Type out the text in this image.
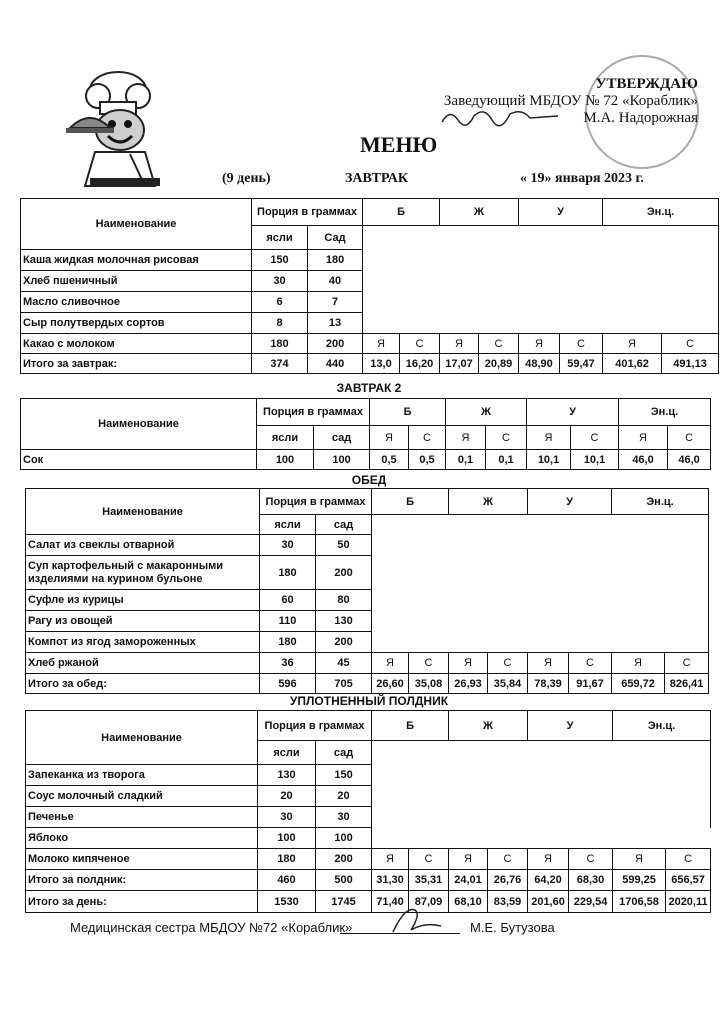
УТВЕРЖДАЮ
Заведующий МБДОУ № 72 «Кораблик»
М.А. Надорожная
МЕНЮ
(9 день)	ЗАВТРАК	« 19» января 2023 г.
Наименование	Порция в граммах		Б		Ж		У		Эн.ц.	
	ясли	Сад								
Каша жидкая молочная рисовая	150	180								
Хлеб пшеничный	30	40								
Масло сливочное	6	7								
Сыр полутвердых сортов	8	13								
Какао с молоком	180	200	Я	С	Я	С	Я	С	Я	С
Итого за завтрак:	374	440	13,0	16,20	17,07	20,89	48,90	59,47	401,62	491,13
ЗАВТРАК 2
Наименование	Порция в граммах		Б		Ж		У		Эн.ц.	
	ясли	сад	Я	С	Я	С	Я	С	Я	С
Сок	100	100	0,5	0,5	0,1	0,1	10,1	10,1	46,0	46,0
ОБЕД
Наименование	Порция в граммах		Б		Ж		У		Эн.ц.	
	ясли	сад								
Салат из свеклы отварной	30	50								
Суп картофельный с макаронными изделиями на курином бульоне	180	200								
Суфле из курицы	60	80								
Рагу из овощей	110	130								
Компот из ягод замороженных	180	200								
Хлеб ржаной	36	45	Я	С	Я	С	Я	С	Я	С
Итого за обед:	596	705	26,60	35,08	26,93	35,84	78,39	91,67	659,72	826,41
УПЛОТНЕННЫЙ ПОЛДНИК
Наименование	Порция в граммах		Б		Ж		У		Эн.ц.	
	ясли	сад								
Запеканка из творога	130	150								
Соус молочный сладкий	20	20								
Печенье	30	30								
Яблоко	100	100								
Молоко кипяченое	180	200	Я	С	Я	С	Я	С	Я	С
Итого за полдник:	460	500	31,30	35,31	24,01	26,76	64,20	68,30	599,25	656,57
Итого за день:	1530	1745	71,40	87,09	68,10	83,59	201,60	229,54	1706,58	2020,11
Медицинская сестра МБДОУ №72 «Кораблик»	М.Е. Бутузова
